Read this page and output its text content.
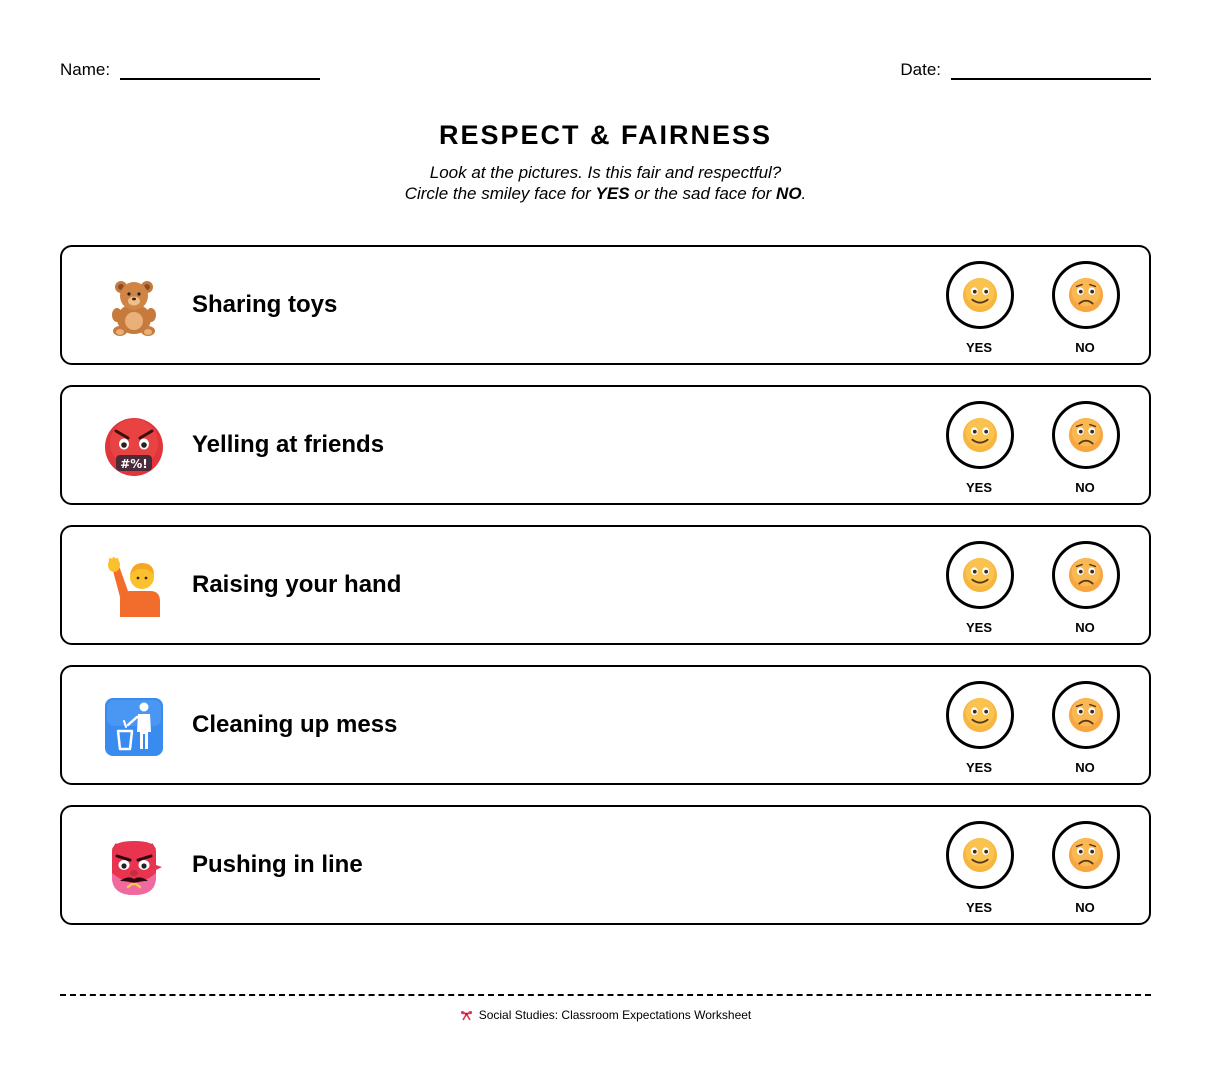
Name:	Date:
RESPECT & FAIRNESS
Look at the pictures. Is this fair and respectful?
Circle the smiley face for YES or the sad face for NO.
Sharing toys
YES	NO
#%!
Yelling at friends
YES	NO
Raising your hand
YES	NO
Cleaning up mess
YES	NO
Pushing in line
YES	NO
Social Studies: Classroom Expectations Worksheet
